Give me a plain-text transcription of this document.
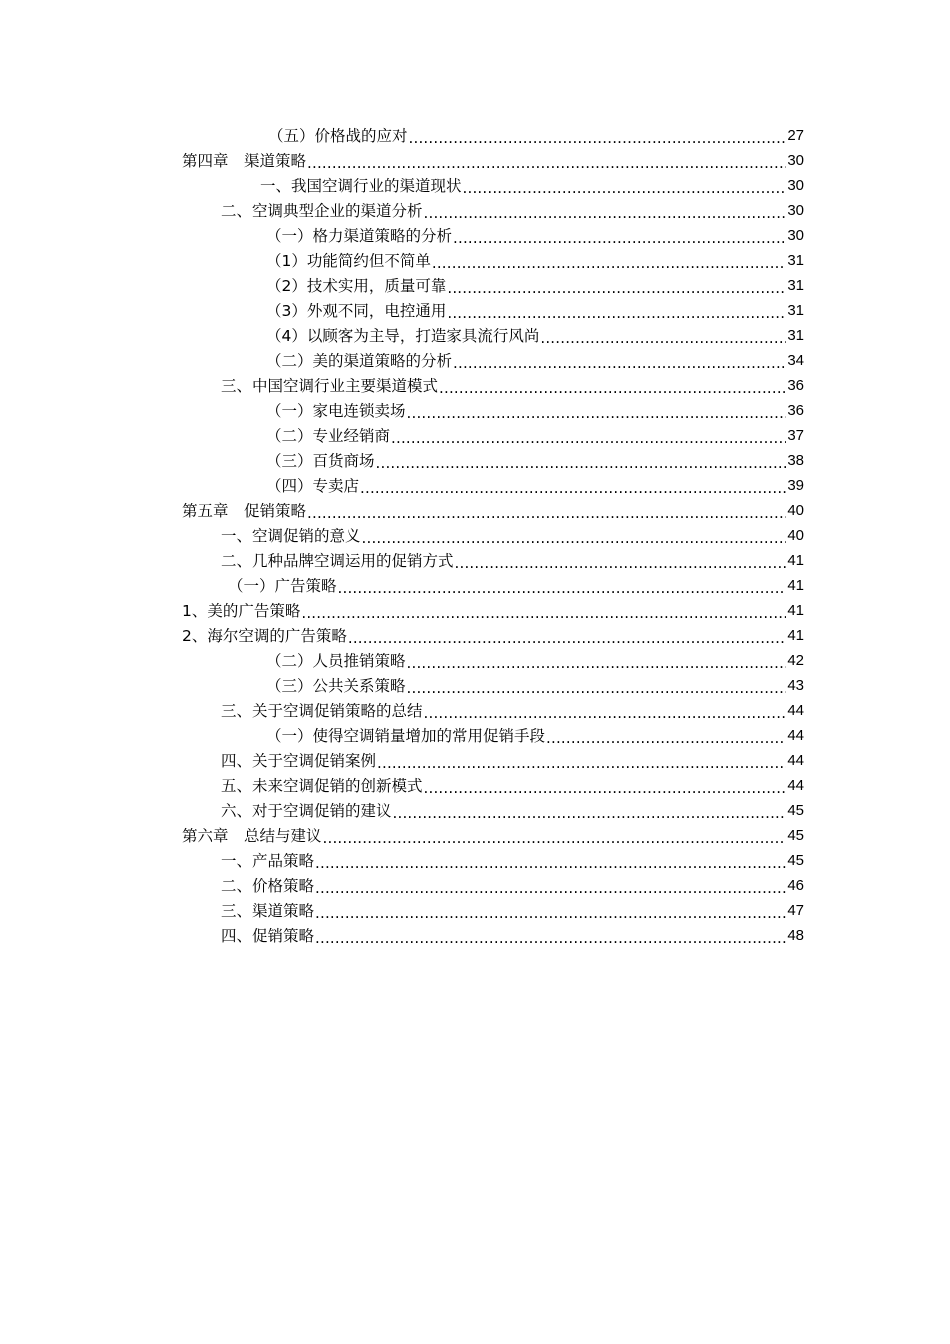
（五）价格战的应对 .....	27
第四章　渠道策略 .....	30
一、我国空调行业的渠道现状 .....	30
二、空调典型企业的渠道分析 .....	30
（一）格力渠道策略的分析 .....	30
（1）功能简约但不简单 .....	31
（2）技术实用，质量可靠 .....	31
（3）外观不同，电控通用 .....	31
（4）以顾客为主导，打造家具流行风尚 .....	31
（二）美的渠道策略的分析 .....	34
三、中国空调行业主要渠道模式 .....	36
（一）家电连锁卖场 .....	36
（二）专业经销商 .....	37
（三）百货商场 .....	38
（四）专卖店 .....	39
第五章　促销策略 .....	40
一、空调促销的意义 .....	40
二、几种品牌空调运用的促销方式 .....	41
（一）广告策略 .....	41
1、美的广告策略 .....	41
2、海尔空调的广告策略 .....	41
（二）人员推销策略 .....	42
（三）公共关系策略 .....	43
三、关于空调促销策略的总结 .....	44
（一）使得空调销量增加的常用促销手段 .....	44
四、关于空调促销案例 .....	44
五、未来空调促销的创新模式 .....	44
六、对于空调促销的建议 .....	45
第六章　总结与建议 .....	45
一、产品策略 .....	45
二、价格策略 .....	46
三、渠道策略 .....	47
四、促销策略 .....	48
